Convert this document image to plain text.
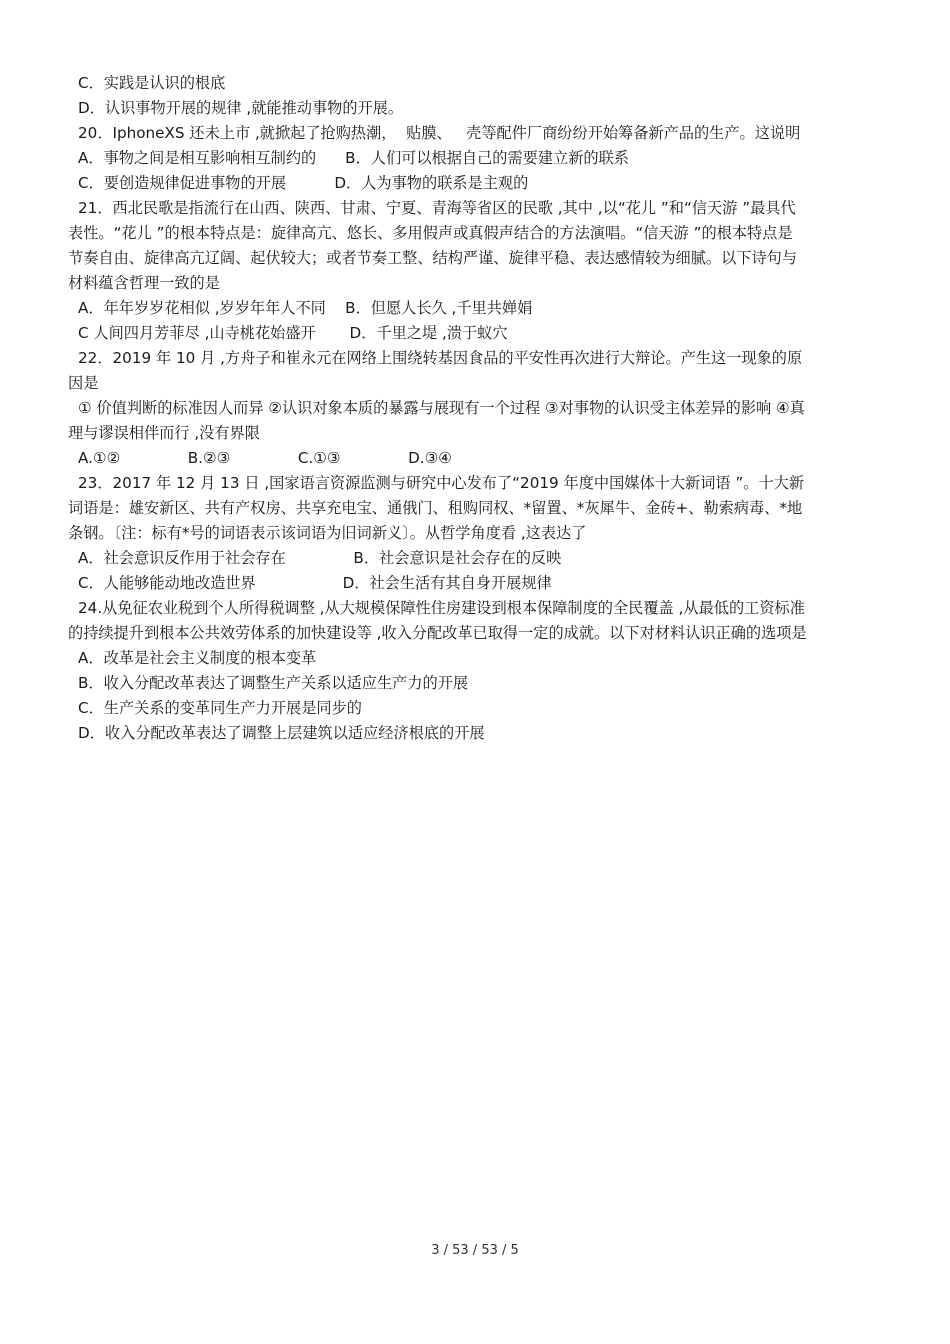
C．实践是认识的根底
D．认识事物开展的规律 ,就能推动事物的开展。
20．IphoneXS 还未上市 ,就掀起了抢购热潮，  贴膜、   壳等配件厂商纷纷开始筹备新产品的生产。这说明
A．事物之间是相互影响相互制约的      B．人们可以根据自己的需要建立新的联系
C．要创造规律促进事物的开展          D．人为事物的联系是主观的
21．西北民歌是指流行在山西、陕西、甘肃、宁夏、青海等省区的民歌 ,其中 ,以“花儿 ”和“信天游 ”最具代
表性。“花儿 ”的根本特点是：旋律高亢、悠长、多用假声或真假声结合的方法演唱。“信天游 ”的根本特点是
节奏自由、旋律高亢辽阔、起伏较大；或者节奏工整、结构严谨、旋律平稳、表达感情较为细腻。以下诗句与
材料蕴含哲理一致的是
A．年年岁岁花相似 ,岁岁年年人不同    B．但愿人长久 ,千里共婵娟
C 人间四月芳菲尽 ,山寺桃花始盛开       D．千里之堤 ,溃于蚁穴
22．2019 年 10 月 ,方舟子和崔永元在网络上围绕转基因食品的平安性再次进行大辩论。产生这一现象的原
因是
① 价值判断的标准因人而异 ②认识对象本质的暴露与展现有一个过程 ③对事物的认识受主体差异的影响 ④真
理与谬误相伴而行 ,没有界限
A.①②              B.②③              C.①③              D.③④
23．2017 年 12 月 13 日 ,国家语言资源监测与研究中心发布了“2019 年度中国媒体十大新词语 ”。十大新
词语是：雄安新区、共有产权房、共享充电宝、通俄门、租购同权、*留置、*灰犀牛、金砖+、勒索病毒、*地
条钢。〔注：标有*号的词语表示该词语为旧词新义〕。从哲学角度看 ,这表达了
A．社会意识反作用于社会存在              B．社会意识是社会存在的反映
C．人能够能动地改造世界                  D．社会生活有其自身开展规律
24.从免征农业税到个人所得税调整 ,从大规模保障性住房建设到根本保障制度的全民覆盖 ,从最低的工资标准
的持续提升到根本公共效劳体系的加快建设等 ,收入分配改革已取得一定的成就。以下对材料认识正确的选项是
A．改革是社会主义制度的根本变革
B．收入分配改革表达了调整生产关系以适应生产力的开展
C．生产关系的变革同生产力开展是同步的
D．收入分配改革表达了调整上层建筑以适应经济根底的开展
3 / 53 / 53 / 5
